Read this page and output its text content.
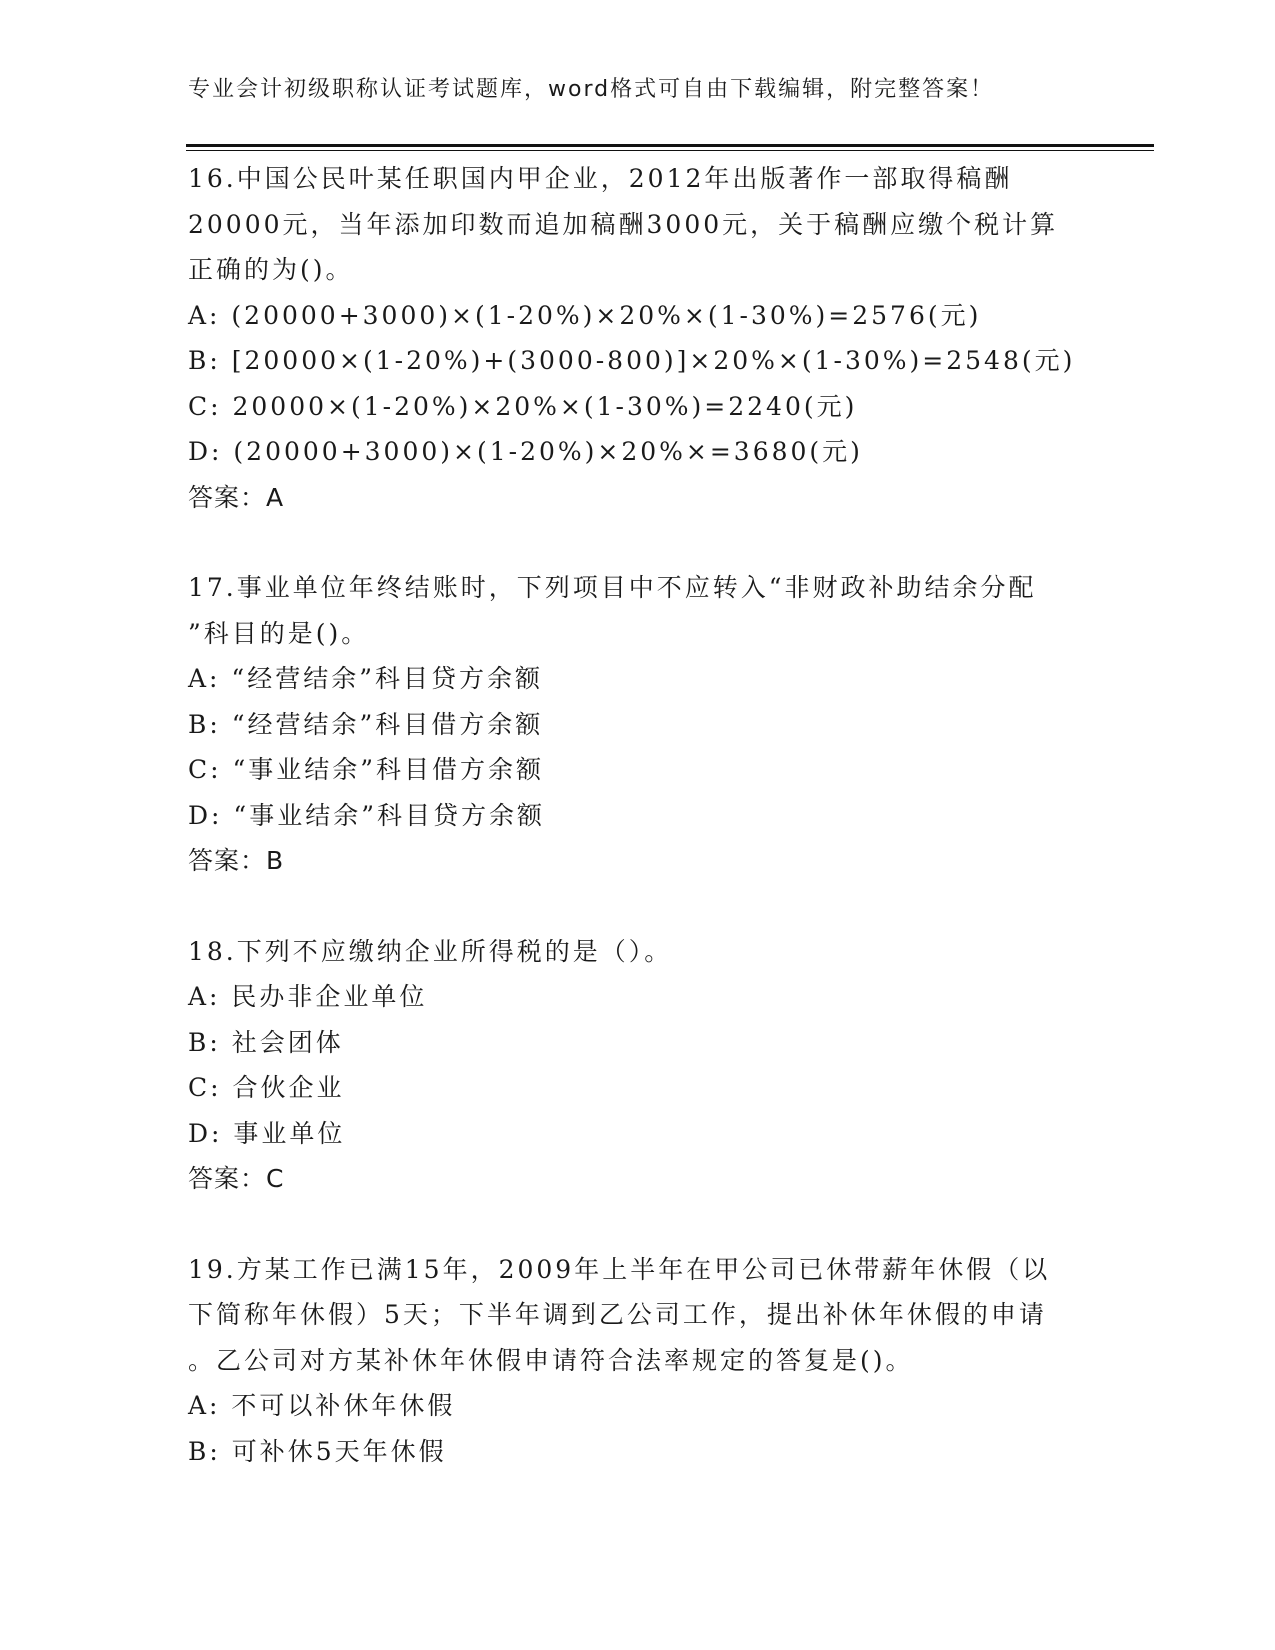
专业会计初级职称认证考试题库，word格式可自由下载编辑，附完整答案！
16.中国公民叶某任职国内甲企业，2012年出版著作一部取得稿酬
20000元，当年添加印数而追加稿酬3000元，关于稿酬应缴个税计算
正确的为()。
A: (20000+3000)×(1-20%)×20%×(1-30%)=2576(元)
B: [20000×(1-20%)+(3000-800)]×20%×(1-30%)=2548(元)
C: 20000×(1-20%)×20%×(1-30%)=2240(元)
D: (20000+3000)×(1-20%)×20%×=3680(元)
答案：A
17.事业单位年终结账时，下列项目中不应转入“非财政补助结余分配
”科目的是()。
A: “经营结余”科目贷方余额
B: “经营结余”科目借方余额
C: “事业结余”科目借方余额
D: “事业结余”科目贷方余额
答案：B
18.下列不应缴纳企业所得税的是（）。
A: 民办非企业单位
B: 社会团体
C: 合伙企业
D: 事业单位
答案：C
19.方某工作已满15年，2009年上半年在甲公司已休带薪年休假（以
下简称年休假）5天；下半年调到乙公司工作，提出补休年休假的申请
。乙公司对方某补休年休假申请符合法率规定的答复是()。
A: 不可以补休年休假
B: 可补休5天年休假
